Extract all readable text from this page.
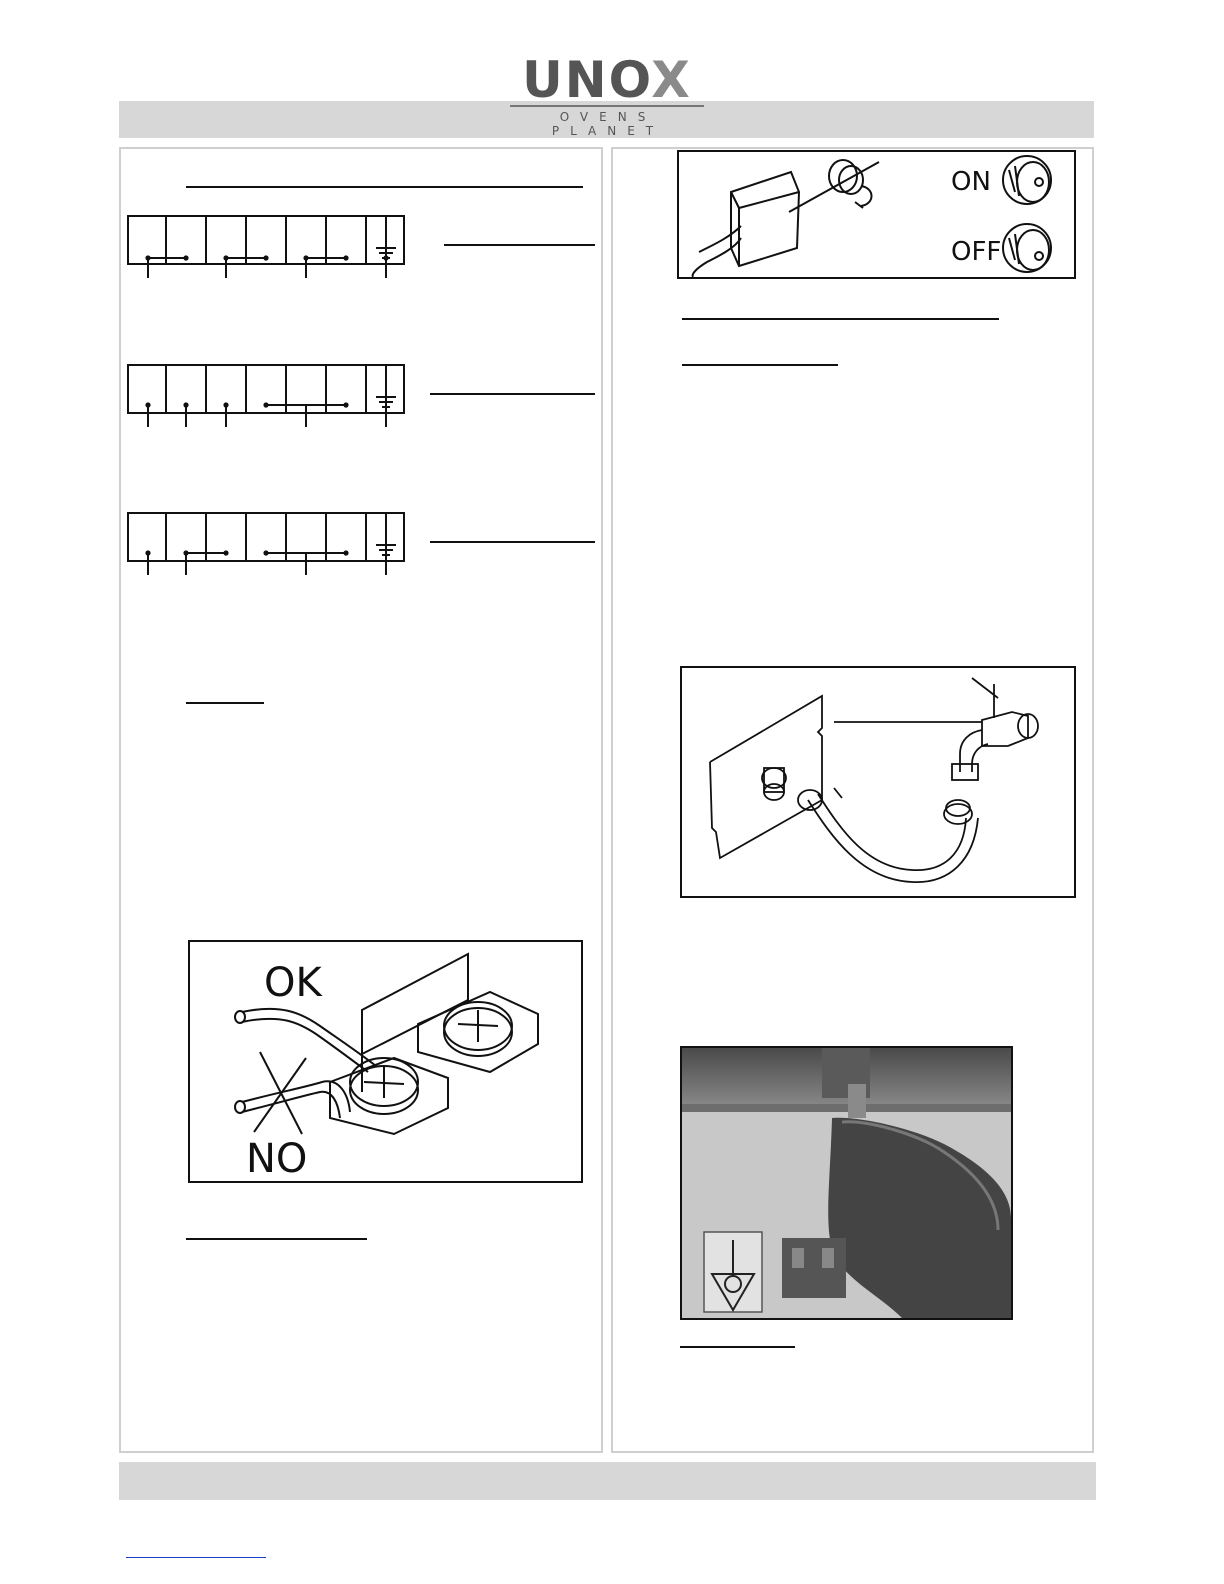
UNOX
OVENS PLANET
OK
NO
ON
OFF
